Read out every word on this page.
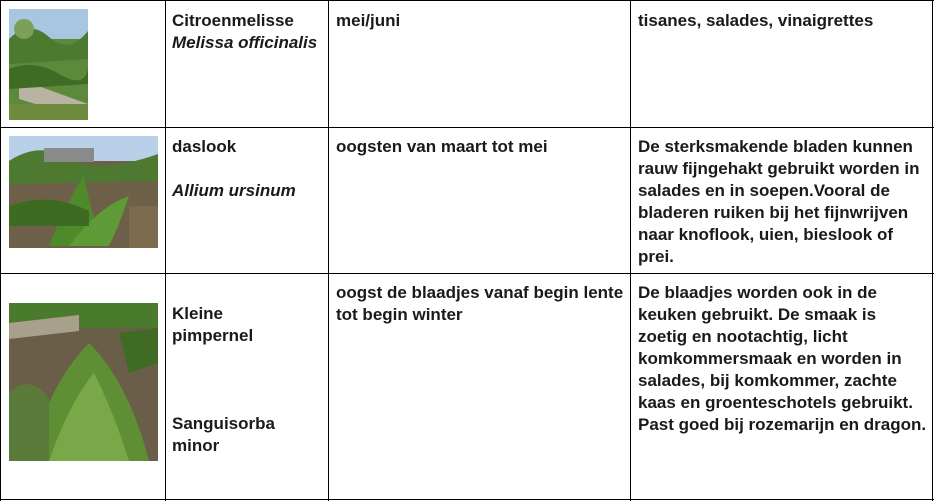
Citroenmelisse
Melissa officinalis
mei/juni	tisanes, salades, vinaigrettes
daslook
Allium ursinum
oogsten van maart tot mei	De sterksmakende bladen kunnen rauw fijngehakt gebruikt worden in salades en in soepen.Vooral de bladeren ruiken bij het fijnwrijven naar knoflook, uien, bieslook of prei.
Kleine pimpernel
Sanguisorba minor
oogst de blaadjes vanaf begin lente tot begin winter
De blaadjes worden ook in de keuken gebruikt. De smaak is zoetig en nootachtig, licht komkommersmaak en worden in salades, bij komkommer, zachte kaas en groenteschotels gebruikt.
Past goed bij rozemarijn en dragon.
